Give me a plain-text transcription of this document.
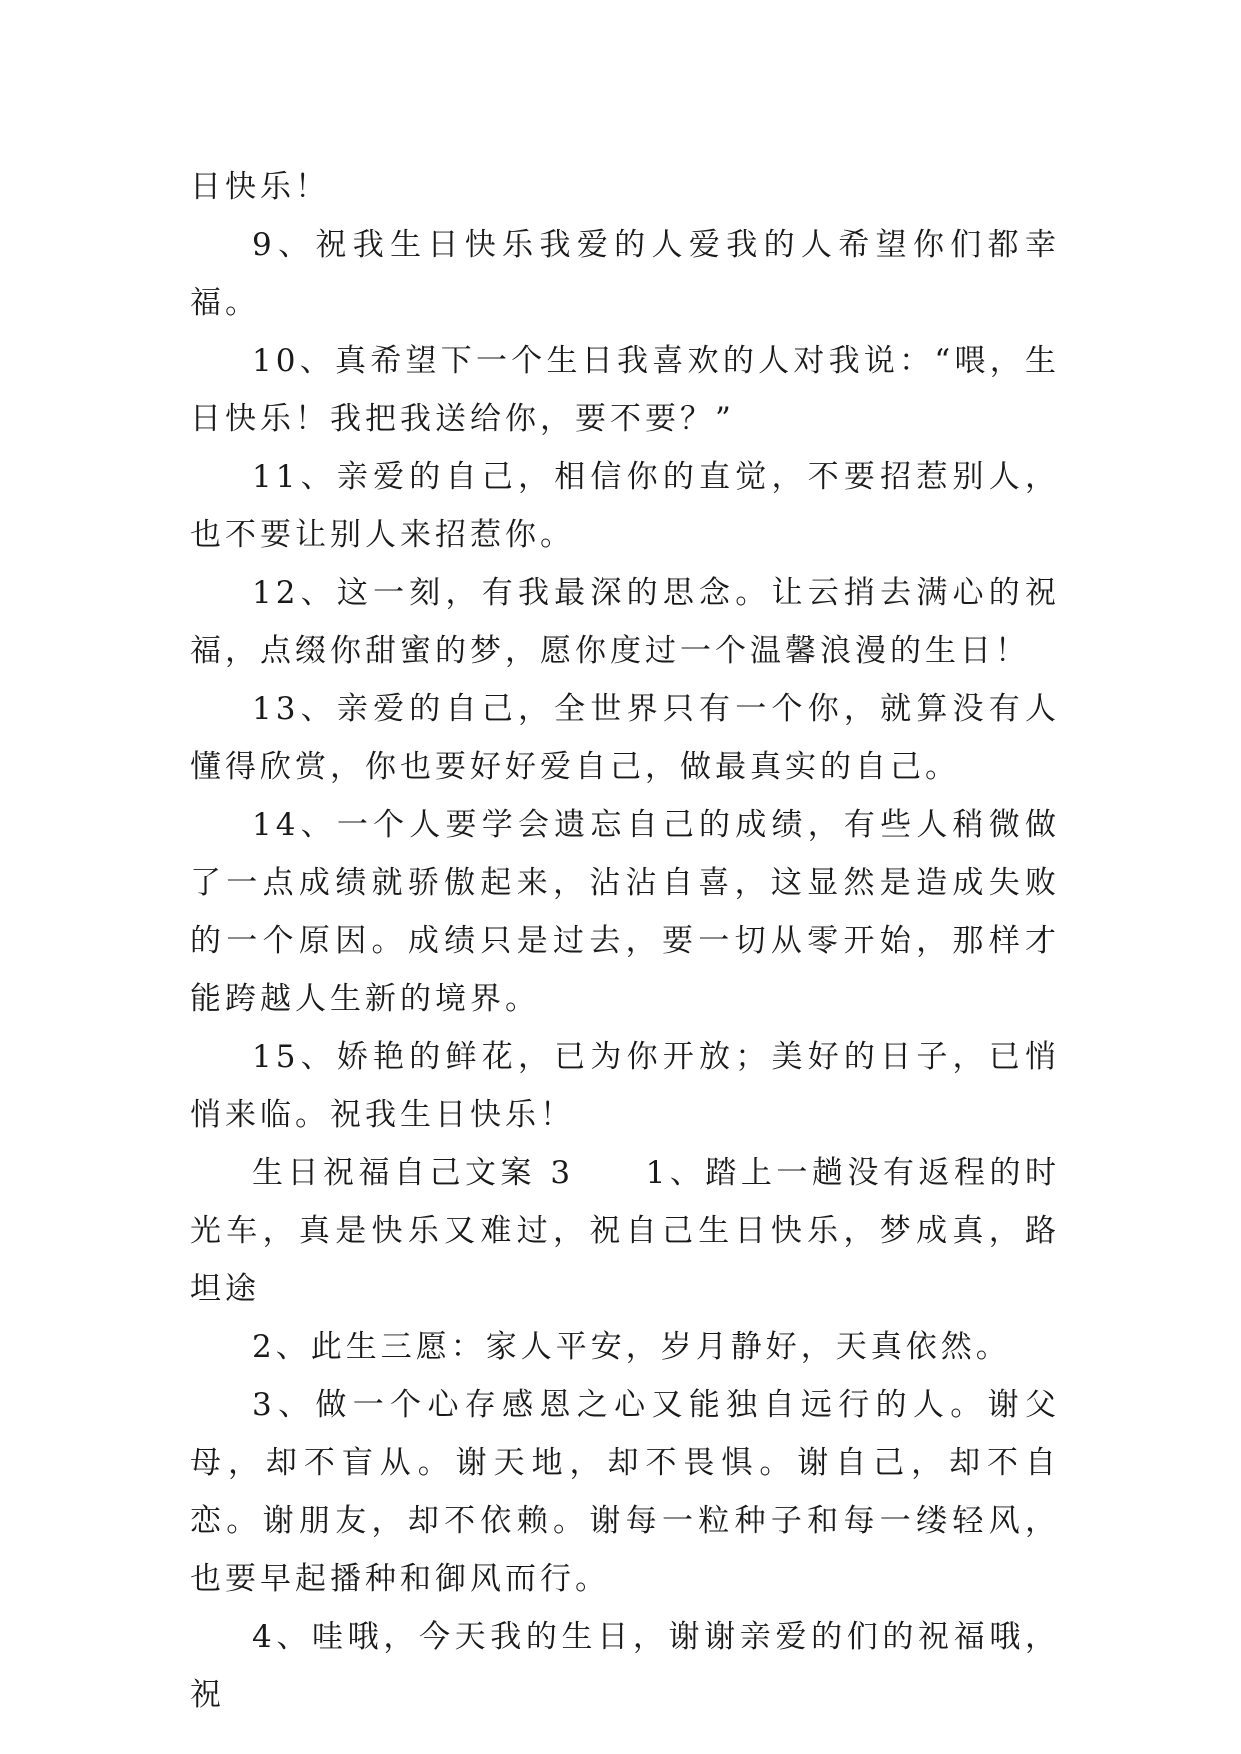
日快乐！

9、祝我生日快乐我爱的人爱我的人希望你们都幸福。

10、真希望下一个生日我喜欢的人对我说：“喂，生日快乐！我把我送给你，要不要？”

11、亲爱的自己，相信你的直觉，不要招惹别人，也不要让别人来招惹你。

12、这一刻，有我最深的思念。让云捎去满心的祝福，点缀你甜蜜的梦，愿你度过一个温馨浪漫的生日！

13、亲爱的自己，全世界只有一个你，就算没有人懂得欣赏，你也要好好爱自己，做最真实的自己。

14、一个人要学会遗忘自己的成绩，有些人稍微做了一点成绩就骄傲起来，沾沾自喜，这显然是造成失败的一个原因。成绩只是过去，要一切从零开始，那样才能跨越人生新的境界。

15、娇艳的鲜花，已为你开放；美好的日子，已悄悄来临。祝我生日快乐！

生日祝福自己文案 3　　1、踏上一趟没有返程的时光车，真是快乐又难过，祝自己生日快乐，梦成真，路坦途

2、此生三愿：家人平安，岁月静好，天真依然。

3、做一个心存感恩之心又能独自远行的人。谢父母，却不盲从。谢天地，却不畏惧。谢自己，却不自恋。谢朋友，却不依赖。谢每一粒种子和每一缕轻风，也要早起播种和御风而行。

4、哇哦，今天我的生日，谢谢亲爱的们的祝福哦，祝
